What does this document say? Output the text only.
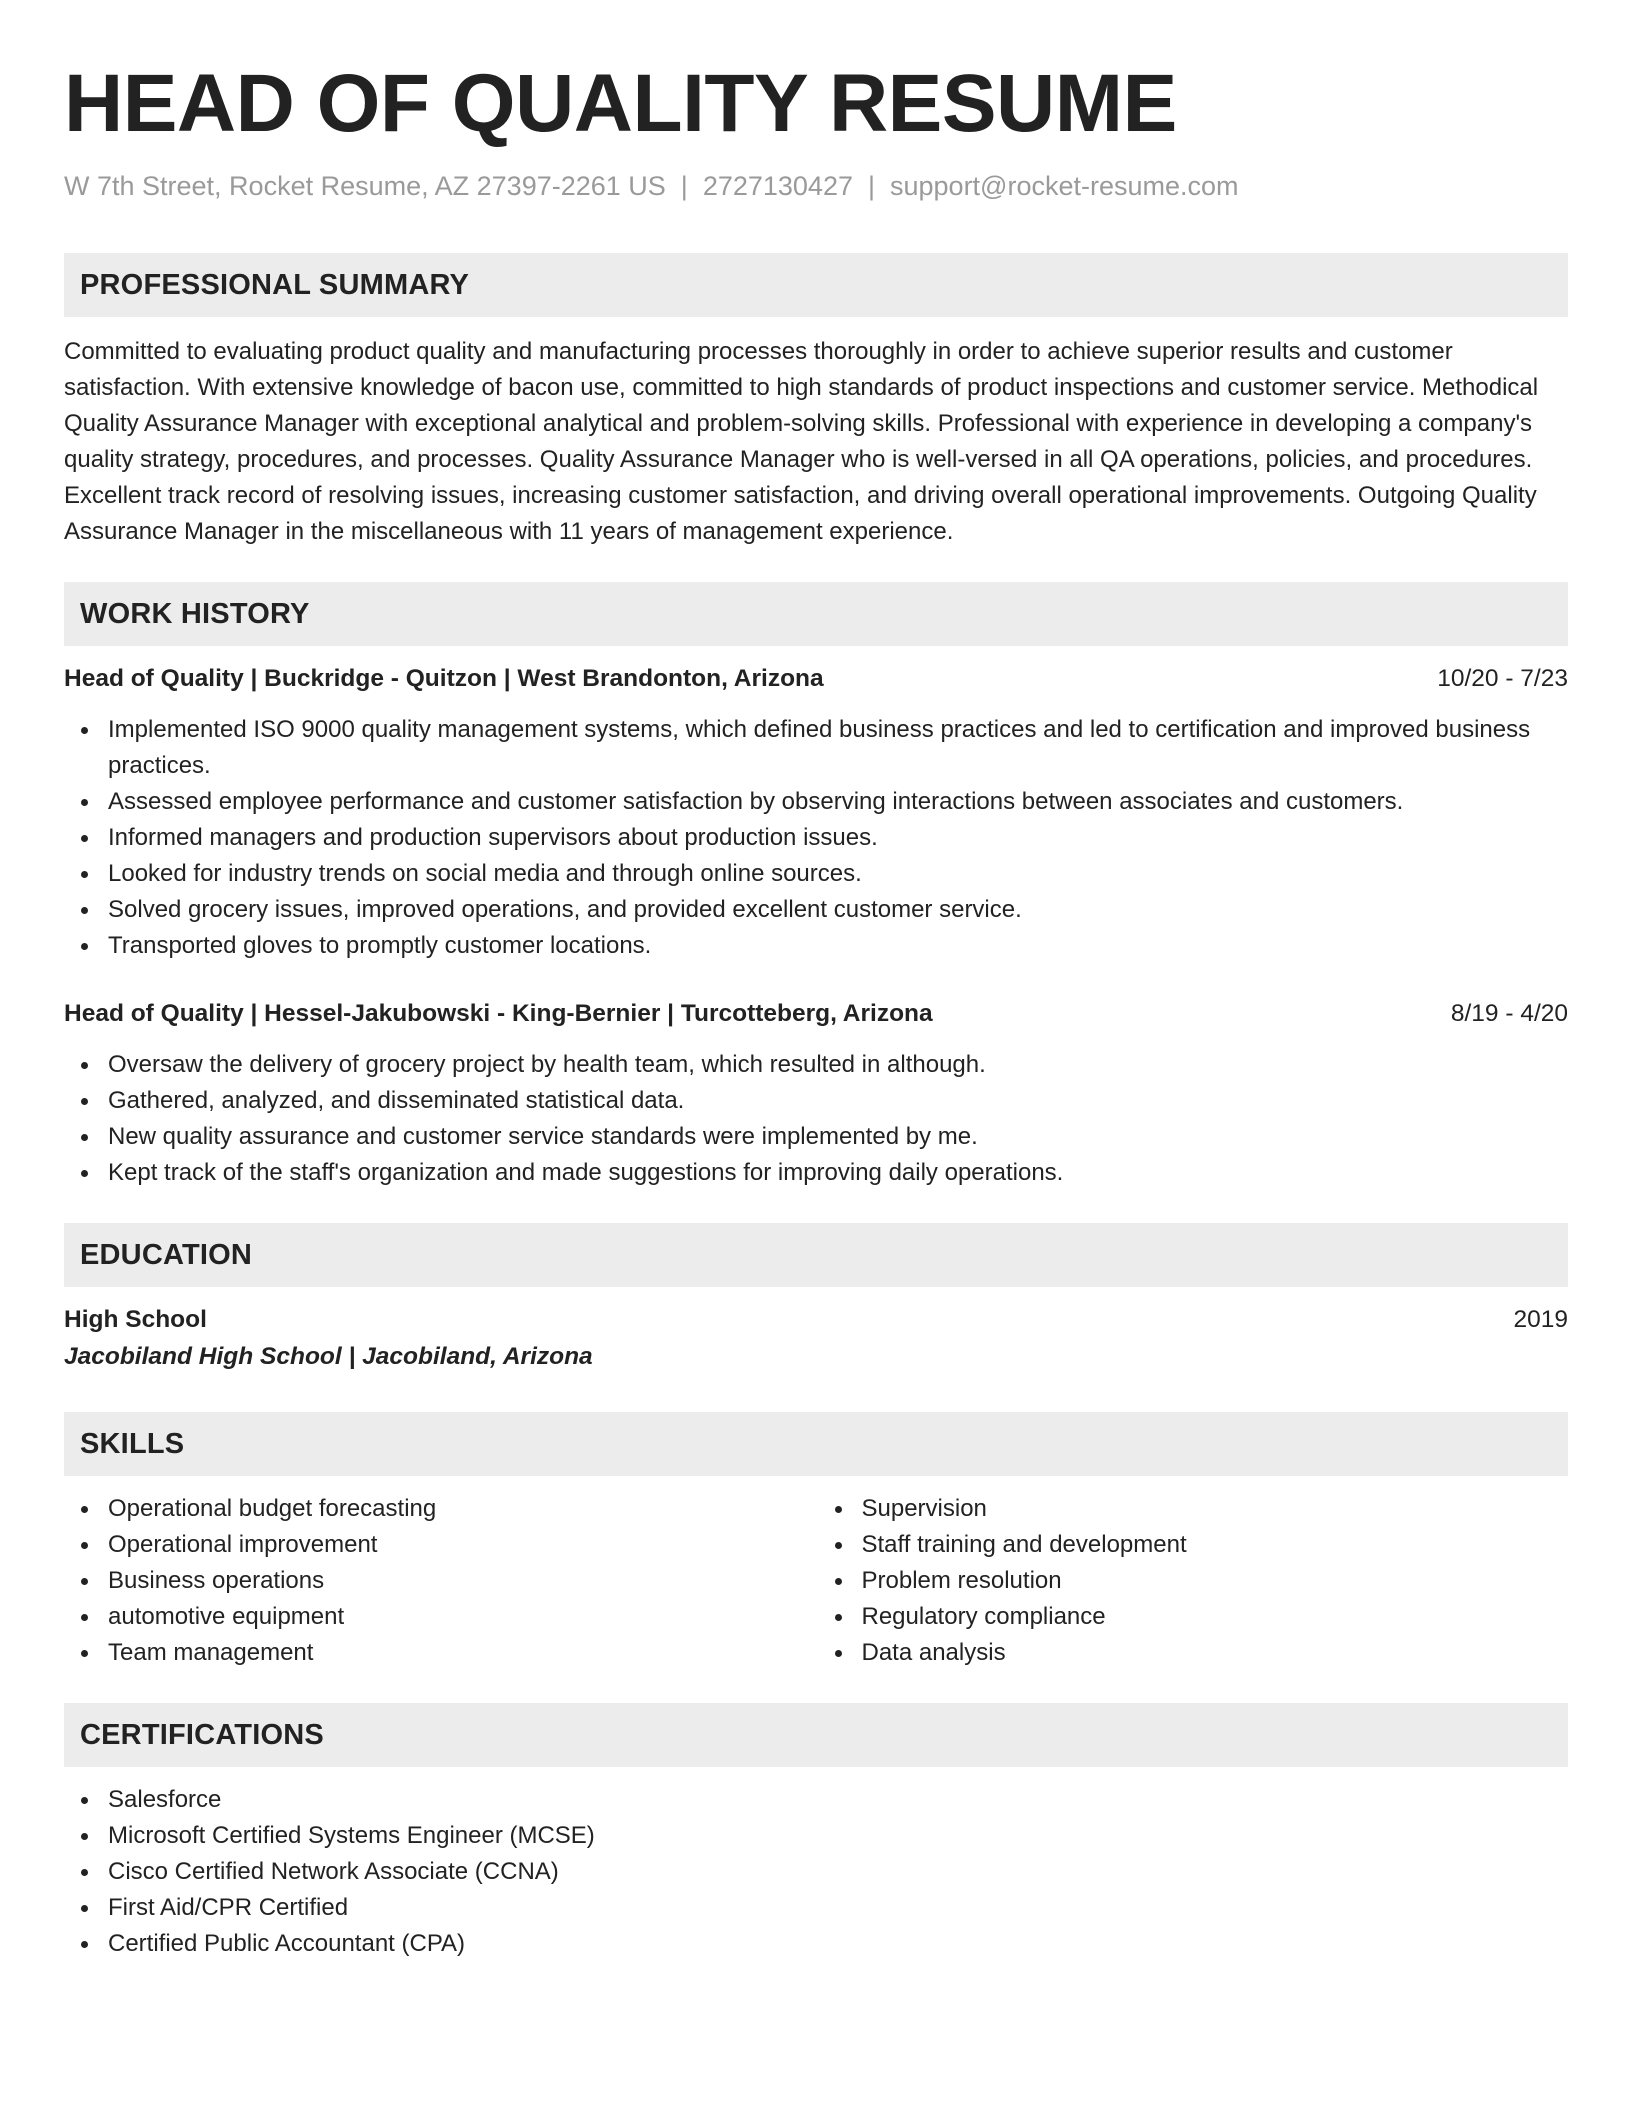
HEAD OF QUALITY RESUME
W 7th Street, Rocket Resume, AZ 27397-2261 US | 2727130427 | support@rocket-resume.com
PROFESSIONAL SUMMARY
Committed to evaluating product quality and manufacturing processes thoroughly in order to achieve superior results and customer satisfaction. With extensive knowledge of bacon use, committed to high standards of product inspections and customer service. Methodical Quality Assurance Manager with exceptional analytical and problem-solving skills. Professional with experience in developing a company's quality strategy, procedures, and processes. Quality Assurance Manager who is well-versed in all QA operations, policies, and procedures. Excellent track record of resolving issues, increasing customer satisfaction, and driving overall operational improvements. Outgoing Quality Assurance Manager in the miscellaneous with 11 years of management experience.
WORK HISTORY
Head of Quality | Buckridge - Quitzon | West Brandonton, Arizona	10/20 - 7/23
Implemented ISO 9000 quality management systems, which defined business practices and led to certification and improved business practices.
Assessed employee performance and customer satisfaction by observing interactions between associates and customers.
Informed managers and production supervisors about production issues.
Looked for industry trends on social media and through online sources.
Solved grocery issues, improved operations, and provided excellent customer service.
Transported gloves to promptly customer locations.
Head of Quality | Hessel-Jakubowski - King-Bernier | Turcotteberg, Arizona	8/19 - 4/20
Oversaw the delivery of grocery project by health team, which resulted in although.
Gathered, analyzed, and disseminated statistical data.
New quality assurance and customer service standards were implemented by me.
Kept track of the staff's organization and made suggestions for improving daily operations.
EDUCATION
High School	2019
Jacobiland High School | Jacobiland, Arizona
SKILLS
Operational budget forecasting
Operational improvement
Business operations
automotive equipment
Team management
Supervision
Staff training and development
Problem resolution
Regulatory compliance
Data analysis
CERTIFICATIONS
Salesforce
Microsoft Certified Systems Engineer (MCSE)
Cisco Certified Network Associate (CCNA)
First Aid/CPR Certified
Certified Public Accountant (CPA)
